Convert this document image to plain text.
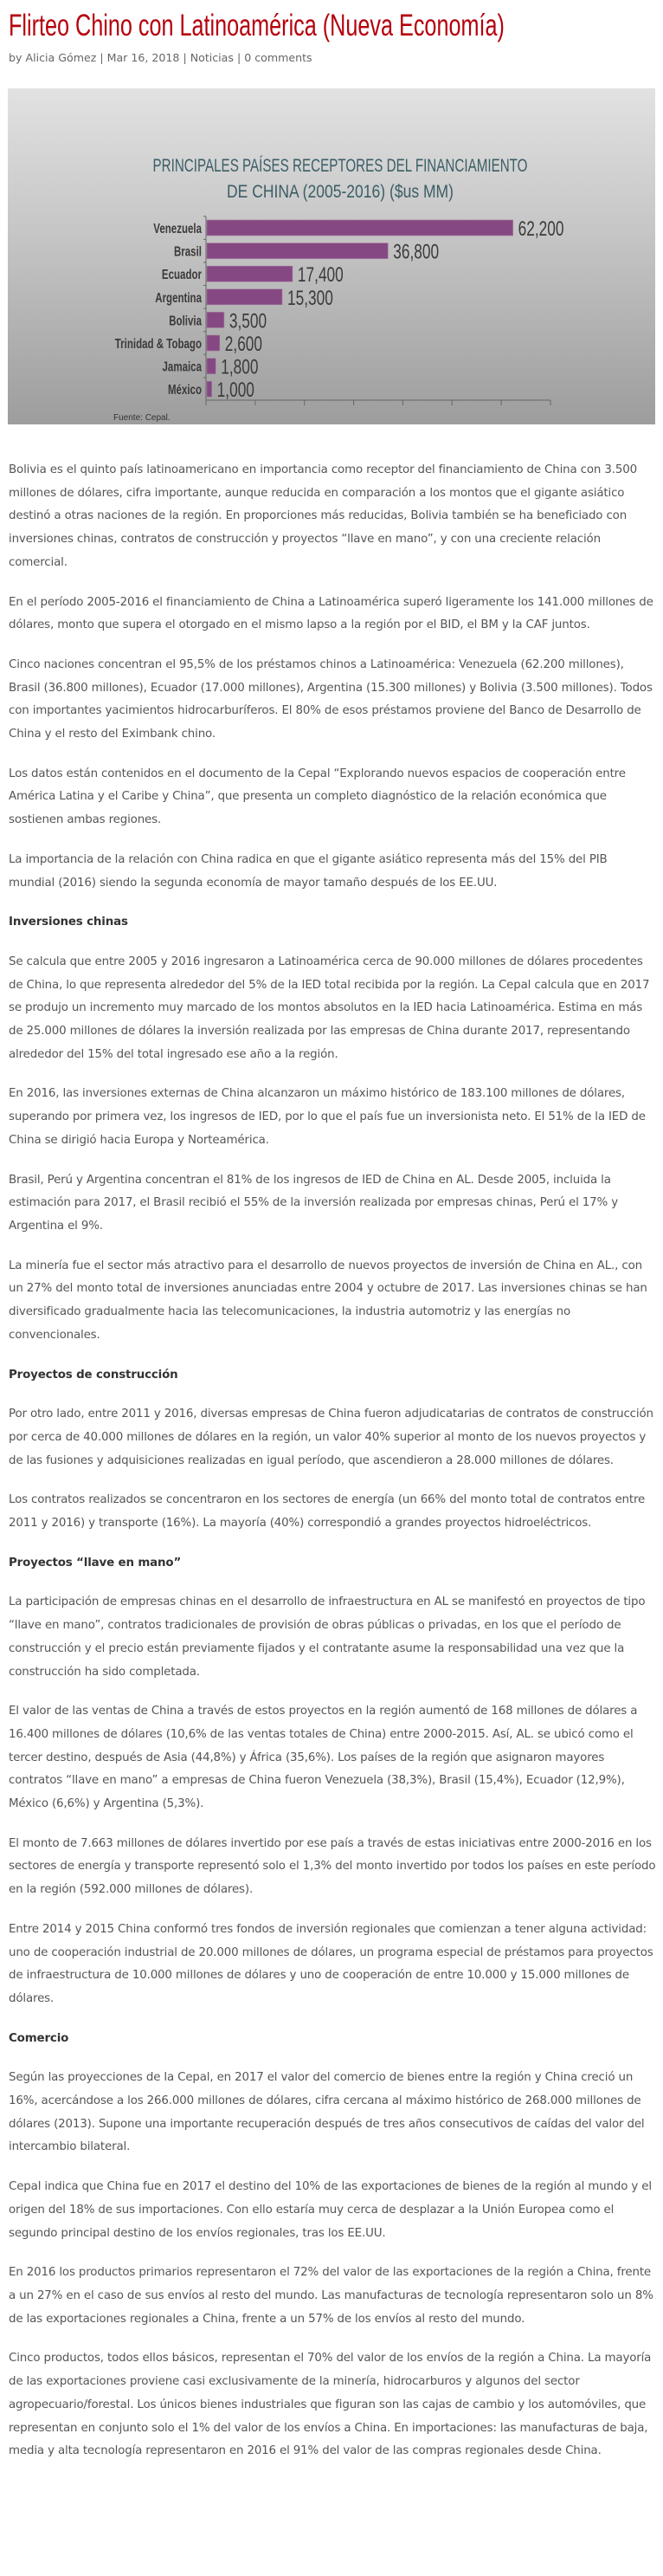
Flirteo Chino con Latinoamérica (Nueva Economía)
by Alicia Gómez | Mar 16, 2018 | Noticias | 0 comments
PRINCIPALES PAÍSES RECEPTORES DEL FINANCIAMIENTO
DE CHINA (2005-2016) ($us MM)
Venezuela	62,200
Brasil	36,800
Ecuador	17,400
Argentina	15,300
Bolivia 3,500
Trinidad & Tobago 2,600
Jamaica 1,800
México 1,000
Fuente: Cepal.

Bolivia es el quinto país latinoamericano en importancia como receptor del financiamiento de China con 3.500 millones de dólares, cifra importante, aunque reducida en comparación a los montos que el gigante asiático destinó a otras naciones de la región. En proporciones más reducidas, Bolivia también se ha beneficiado con inversiones chinas, contratos de construcción y proyectos “llave en mano”, y con una creciente relación comercial.

En el período 2005-2016 el financiamiento de China a Latinoamérica superó ligeramente los 141.000 millones de dólares, monto que supera el otorgado en el mismo lapso a la región por el BID, el BM y la CAF juntos.

Cinco naciones concentran el 95,5% de los préstamos chinos a Latinoamérica: Venezuela (62.200 millones), Brasil (36.800 millones), Ecuador (17.000 millones), Argentina (15.300 millones) y Bolivia (3.500 millones). Todos con importantes yacimientos hidrocarburíferos. El 80% de esos préstamos proviene del Banco de Desarrollo de China y el resto del Eximbank chino.

Los datos están contenidos en el documento de la Cepal “Explorando nuevos espacios de cooperación entre América Latina y el Caribe y China”, que presenta un completo diagnóstico de la relación económica que sostienen ambas regiones.

La importancia de la relación con China radica en que el gigante asiático representa más del 15% del PIB mundial (2016) siendo la segunda economía de mayor tamaño después de los EE.UU.

Inversiones chinas

Se calcula que entre 2005 y 2016 ingresaron a Latinoamérica cerca de 90.000 millones de dólares procedentes de China, lo que representa alrededor del 5% de la IED total recibida por la región. La Cepal calcula que en 2017 se produjo un incremento muy marcado de los montos absolutos en la IED hacia Latinoamérica. Estima en más de 25.000 millones de dólares la inversión realizada por las empresas de China durante 2017, representando alrededor del 15% del total ingresado ese año a la región.

En 2016, las inversiones externas de China alcanzaron un máximo histórico de 183.100 millones de dólares, superando por primera vez, los ingresos de IED, por lo que el país fue un inversionista neto. El 51% de la IED de China se dirigió hacia Europa y Norteamérica.

Brasil, Perú y Argentina concentran el 81% de los ingresos de IED de China en AL. Desde 2005, incluida la estimación para 2017, el Brasil recibió el 55% de la inversión realizada por empresas chinas, Perú el 17% y Argentina el 9%.

La minería fue el sector más atractivo para el desarrollo de nuevos proyectos de inversión de China en AL., con un 27% del monto total de inversiones anunciadas entre 2004 y octubre de 2017. Las inversiones chinas se han diversificado gradualmente hacia las telecomunicaciones, la industria automotriz y las energías no convencionales.

Proyectos de construcción

Por otro lado, entre 2011 y 2016, diversas empresas de China fueron adjudicatarias de contratos de construcción por cerca de 40.000 millones de dólares en la región, un valor 40% superior al monto de los nuevos proyectos y de las fusiones y adquisiciones realizadas en igual período, que ascendieron a 28.000 millones de dólares.

Los contratos realizados se concentraron en los sectores de energía (un 66% del monto total de contratos entre 2011 y 2016) y transporte (16%). La mayoría (40%) correspondió a grandes proyectos hidroeléctricos.

Proyectos “llave en mano”

La participación de empresas chinas en el desarrollo de infraestructura en AL se manifestó en proyectos de tipo “llave en mano”, contratos tradicionales de provisión de obras públicas o privadas, en los que el período de construcción y el precio están previamente fijados y el contratante asume la responsabilidad una vez que la construcción ha sido completada.

El valor de las ventas de China a través de estos proyectos en la región aumentó de 168 millones de dólares a 16.400 millones de dólares (10,6% de las ventas totales de China) entre 2000-2015. Así, AL. se ubicó como el tercer destino, después de Asia (44,8%) y África (35,6%). Los países de la región que asignaron mayores contratos “llave en mano” a empresas de China fueron Venezuela (38,3%), Brasil (15,4%), Ecuador (12,9%), México (6,6%) y Argentina (5,3%).

El monto de 7.663 millones de dólares invertido por ese país a través de estas iniciativas entre 2000-2016 en los sectores de energía y transporte representó solo el 1,3% del monto invertido por todos los países en este período en la región (592.000 millones de dólares).

Entre 2014 y 2015 China conformó tres fondos de inversión regionales que comienzan a tener alguna actividad: uno de cooperación industrial de 20.000 millones de dólares, un programa especial de préstamos para proyectos de infraestructura de 10.000 millones de dólares y uno de cooperación de entre 10.000 y 15.000 millones de dólares.

Comercio

Según las proyecciones de la Cepal, en 2017 el valor del comercio de bienes entre la región y China creció un 16%, acercándose a los 266.000 millones de dólares, cifra cercana al máximo histórico de 268.000 millones de dólares (2013). Supone una importante recuperación después de tres años consecutivos de caídas del valor del intercambio bilateral.

Cepal indica que China fue en 2017 el destino del 10% de las exportaciones de bienes de la región al mundo y el origen del 18% de sus importaciones. Con ello estaría muy cerca de desplazar a la Unión Europea como el segundo principal destino de los envíos regionales, tras los EE.UU.

En 2016 los productos primarios representaron el 72% del valor de las exportaciones de la región a China, frente a un 27% en el caso de sus envíos al resto del mundo. Las manufacturas de tecnología representaron solo un 8% de las exportaciones regionales a China, frente a un 57% de los envíos al resto del mundo.

Cinco productos, todos ellos básicos, representan el 70% del valor de los envíos de la región a China. La mayoría de las exportaciones proviene casi exclusivamente de la minería, hidrocarburos y algunos del sector agropecuario/forestal. Los únicos bienes industriales que figuran son las cajas de cambio y los automóviles, que representan en conjunto solo el 1% del valor de los envíos a China. En importaciones: las manufacturas de baja, media y alta tecnología representaron en 2016 el 91% del valor de las compras regionales desde China.
